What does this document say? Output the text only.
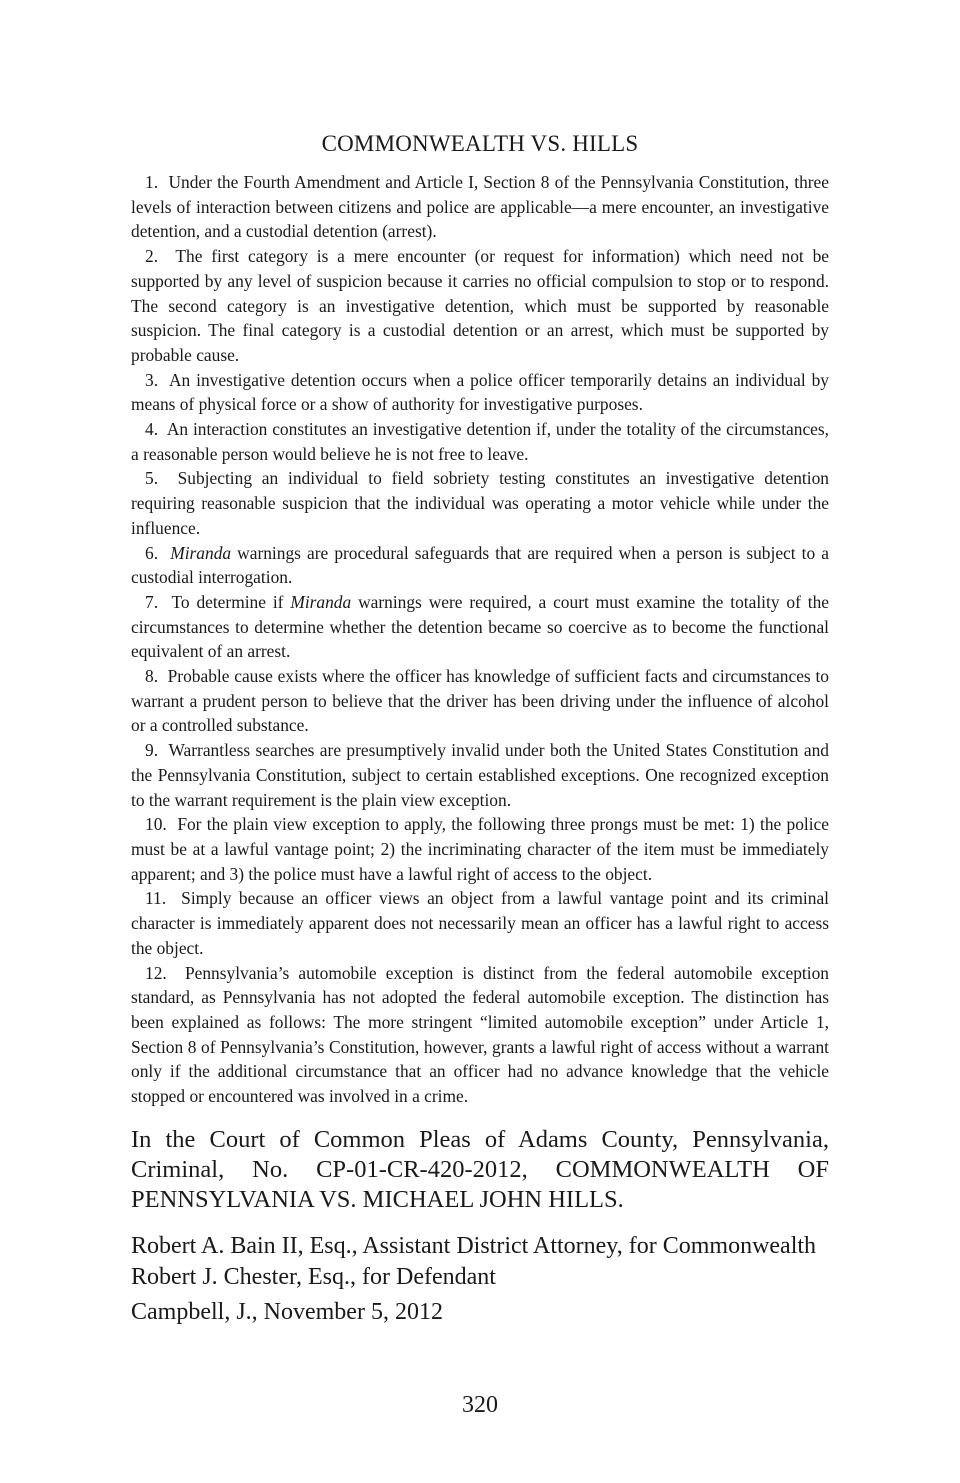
COMMONWEALTH VS. HILLS

1. Under the Fourth Amendment and Article I, Section 8 of the Pennsylvania Constitution, three levels of interaction between citizens and police are applicable—a mere encounter, an investigative detention, and a custodial detention (arrest).

2. The first category is a mere encounter (or request for information) which need not be supported by any level of suspicion because it carries no official compulsion to stop or to respond. The second category is an investigative detention, which must be supported by reasonable suspicion. The final category is a custodial detention or an arrest, which must be supported by probable cause.

3. An investigative detention occurs when a police officer temporarily detains an individual by means of physical force or a show of authority for investigative purposes.

4. An interaction constitutes an investigative detention if, under the totality of the circumstances, a reasonable person would believe he is not free to leave.

5. Subjecting an individual to field sobriety testing constitutes an investigative detention requiring reasonable suspicion that the individual was operating a motor vehicle while under the influence.

6. Miranda warnings are procedural safeguards that are required when a person is subject to a custodial interrogation.

7. To determine if Miranda warnings were required, a court must examine the totality of the circumstances to determine whether the detention became so coercive as to become the functional equivalent of an arrest.

8. Probable cause exists where the officer has knowledge of sufficient facts and circumstances to warrant a prudent person to believe that the driver has been driving under the influence of alcohol or a controlled substance.

9. Warrantless searches are presumptively invalid under both the United States Constitution and the Pennsylvania Constitution, subject to certain established exceptions. One recognized exception to the warrant requirement is the plain view exception.

10. For the plain view exception to apply, the following three prongs must be met: 1) the police must be at a lawful vantage point; 2) the incriminating character of the item must be immediately apparent; and 3) the police must have a lawful right of access to the object.

11. Simply because an officer views an object from a lawful vantage point and its criminal character is immediately apparent does not necessarily mean an officer has a lawful right to access the object.

12. Pennsylvania’s automobile exception is distinct from the federal automobile exception standard, as Pennsylvania has not adopted the federal automobile exception. The distinction has been explained as follows: The more stringent “limited automobile exception” under Article 1, Section 8 of Pennsylvania’s Constitution, however, grants a lawful right of access without a warrant only if the additional circumstance that an officer had no advance knowledge that the vehicle stopped or encountered was involved in a crime.

In the Court of Common Pleas of Adams County, Pennsylvania, Criminal, No. CP-01-CR-420-2012, COMMONWEALTH OF PENNSYLVANIA VS. MICHAEL JOHN HILLS.
Robert A. Bain II, Esq., Assistant District Attorney, for Commonwealth
Robert J. Chester, Esq., for Defendant
Campbell, J., November 5, 2012
320
